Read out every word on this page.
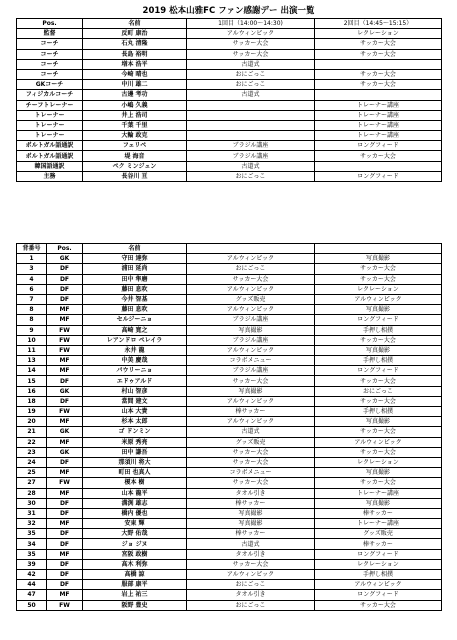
2019 松本山雅FC ファン感謝デー 出演一覧
Pos.	名前	1回目（14:00～14:30)	2回目（14:45～15:15）
監督	反町 康治	アルウィンピック	レクレーション
コーチ	石丸 清隆	サッカー大会	サッカー大会
コーチ	長島 裕明	サッカー大会	サッカー大会
コーチ	増本 浩平	古道式	
コーチ	今崎 晴也	おにごっこ	サッカー大会
GKコーチ	中川 雄二	おにごっこ	サッカー大会
フィジカルコーチ	古邊 考功	古道式	
チーフトレーナー	小嶋 久義		トレーナー講座
トレーナー	井上 浩司		トレーナー講座
トレーナー	千葉 千里		トレーナー講座
トレーナー	大輪 政克		トレーナー講座
ポルトガル語通訳	フェリペ	ブラジル講座	ロングフィード
ポルトガル語通訳	堤 海音	ブラジル講座	サッカー大会
韓国語通訳	ペク ミンジュン	古道式	
主務	長谷川 亘	おにごっこ	ロングフィード
背番号	Pos.	名前		
1	GK	守田 達弥	アルウィンピック	写真撮影
3	DF	浦田 延尚	おにごっこ	サッカー大会
4	DF	田中 隼磨	サッカー大会	サッカー大会
6	DF	藤田 息吹	アルウィンピック	レクレーション
7	DF	今井 智基	グッズ販売	アルウィンピック
8	MF	藤田 息吹	アルウィンピック	写真撮影
8	MF	セルジーニョ	ブラジル講座	ロングフィード
9	FW	高崎 寛之	写真撮影	手押し相撲
10	FW	レアンドロ ペレイラ	ブラジル講座	サッカー大会
11	FW	永井 龍	アルウィンピック	写真撮影
13	MF	中美 慶哉	コラボメニュー	手押し相撲
14	MF	パウリーニョ	ブラジル講座	ロングフィード
15	DF	エドゥアルド	サッカー大会	サッカー大会
16	GK	村山 智彦	写真撮影	おにごっこ
18	DF	當間 建文	アルウィンピック	サッカー大会
19	FW	山本 大貴	棒サッカー	手押し相撲
20	MF	杉本 太郎	アルウィンピック	写真撮影
21	GK	ゴ ドンミン	古道式	サッカー大会
22	MF	米原 秀亮	グッズ販売	アルウィンピック
23	GK	田中 謙吾	サッカー大会	サッカー大会
24	DF	那須川 将大	サッカー大会	レクレーション
25	MF	町田 也真人	コラボメニュー	写真撮影
27	FW	榎本 樹	サッカー大会	サッカー大会
28	MF	山本 龍平	タオル引き	トレーナー講座
30	DF	溝渕 雄志	棒サッカー	写真撮影
31	DF	橋内 優也	写真撮影	棒サッカー
32	MF	安東 輝	写真撮影	トレーナー講座
35	DF	大野 佑哉	棒サッカー	グッズ販売
34	DF	ジョ ジヌ	古道式	棒サッカー
35	MF	宮阪 政樹	タオル引き	ロングフィード
39	DF	高木 利弥	サッカー大会	レクレーション
42	DF	高橋 諒	アルウィンピック	手押し相撲
44	DF	服部 康平	おにごっこ	アルウィンピック
47	MF	岩上 祐三	タオル引き	ロングフィード
50	FW	阪野 豊史	おにごっこ	サッカー大会
